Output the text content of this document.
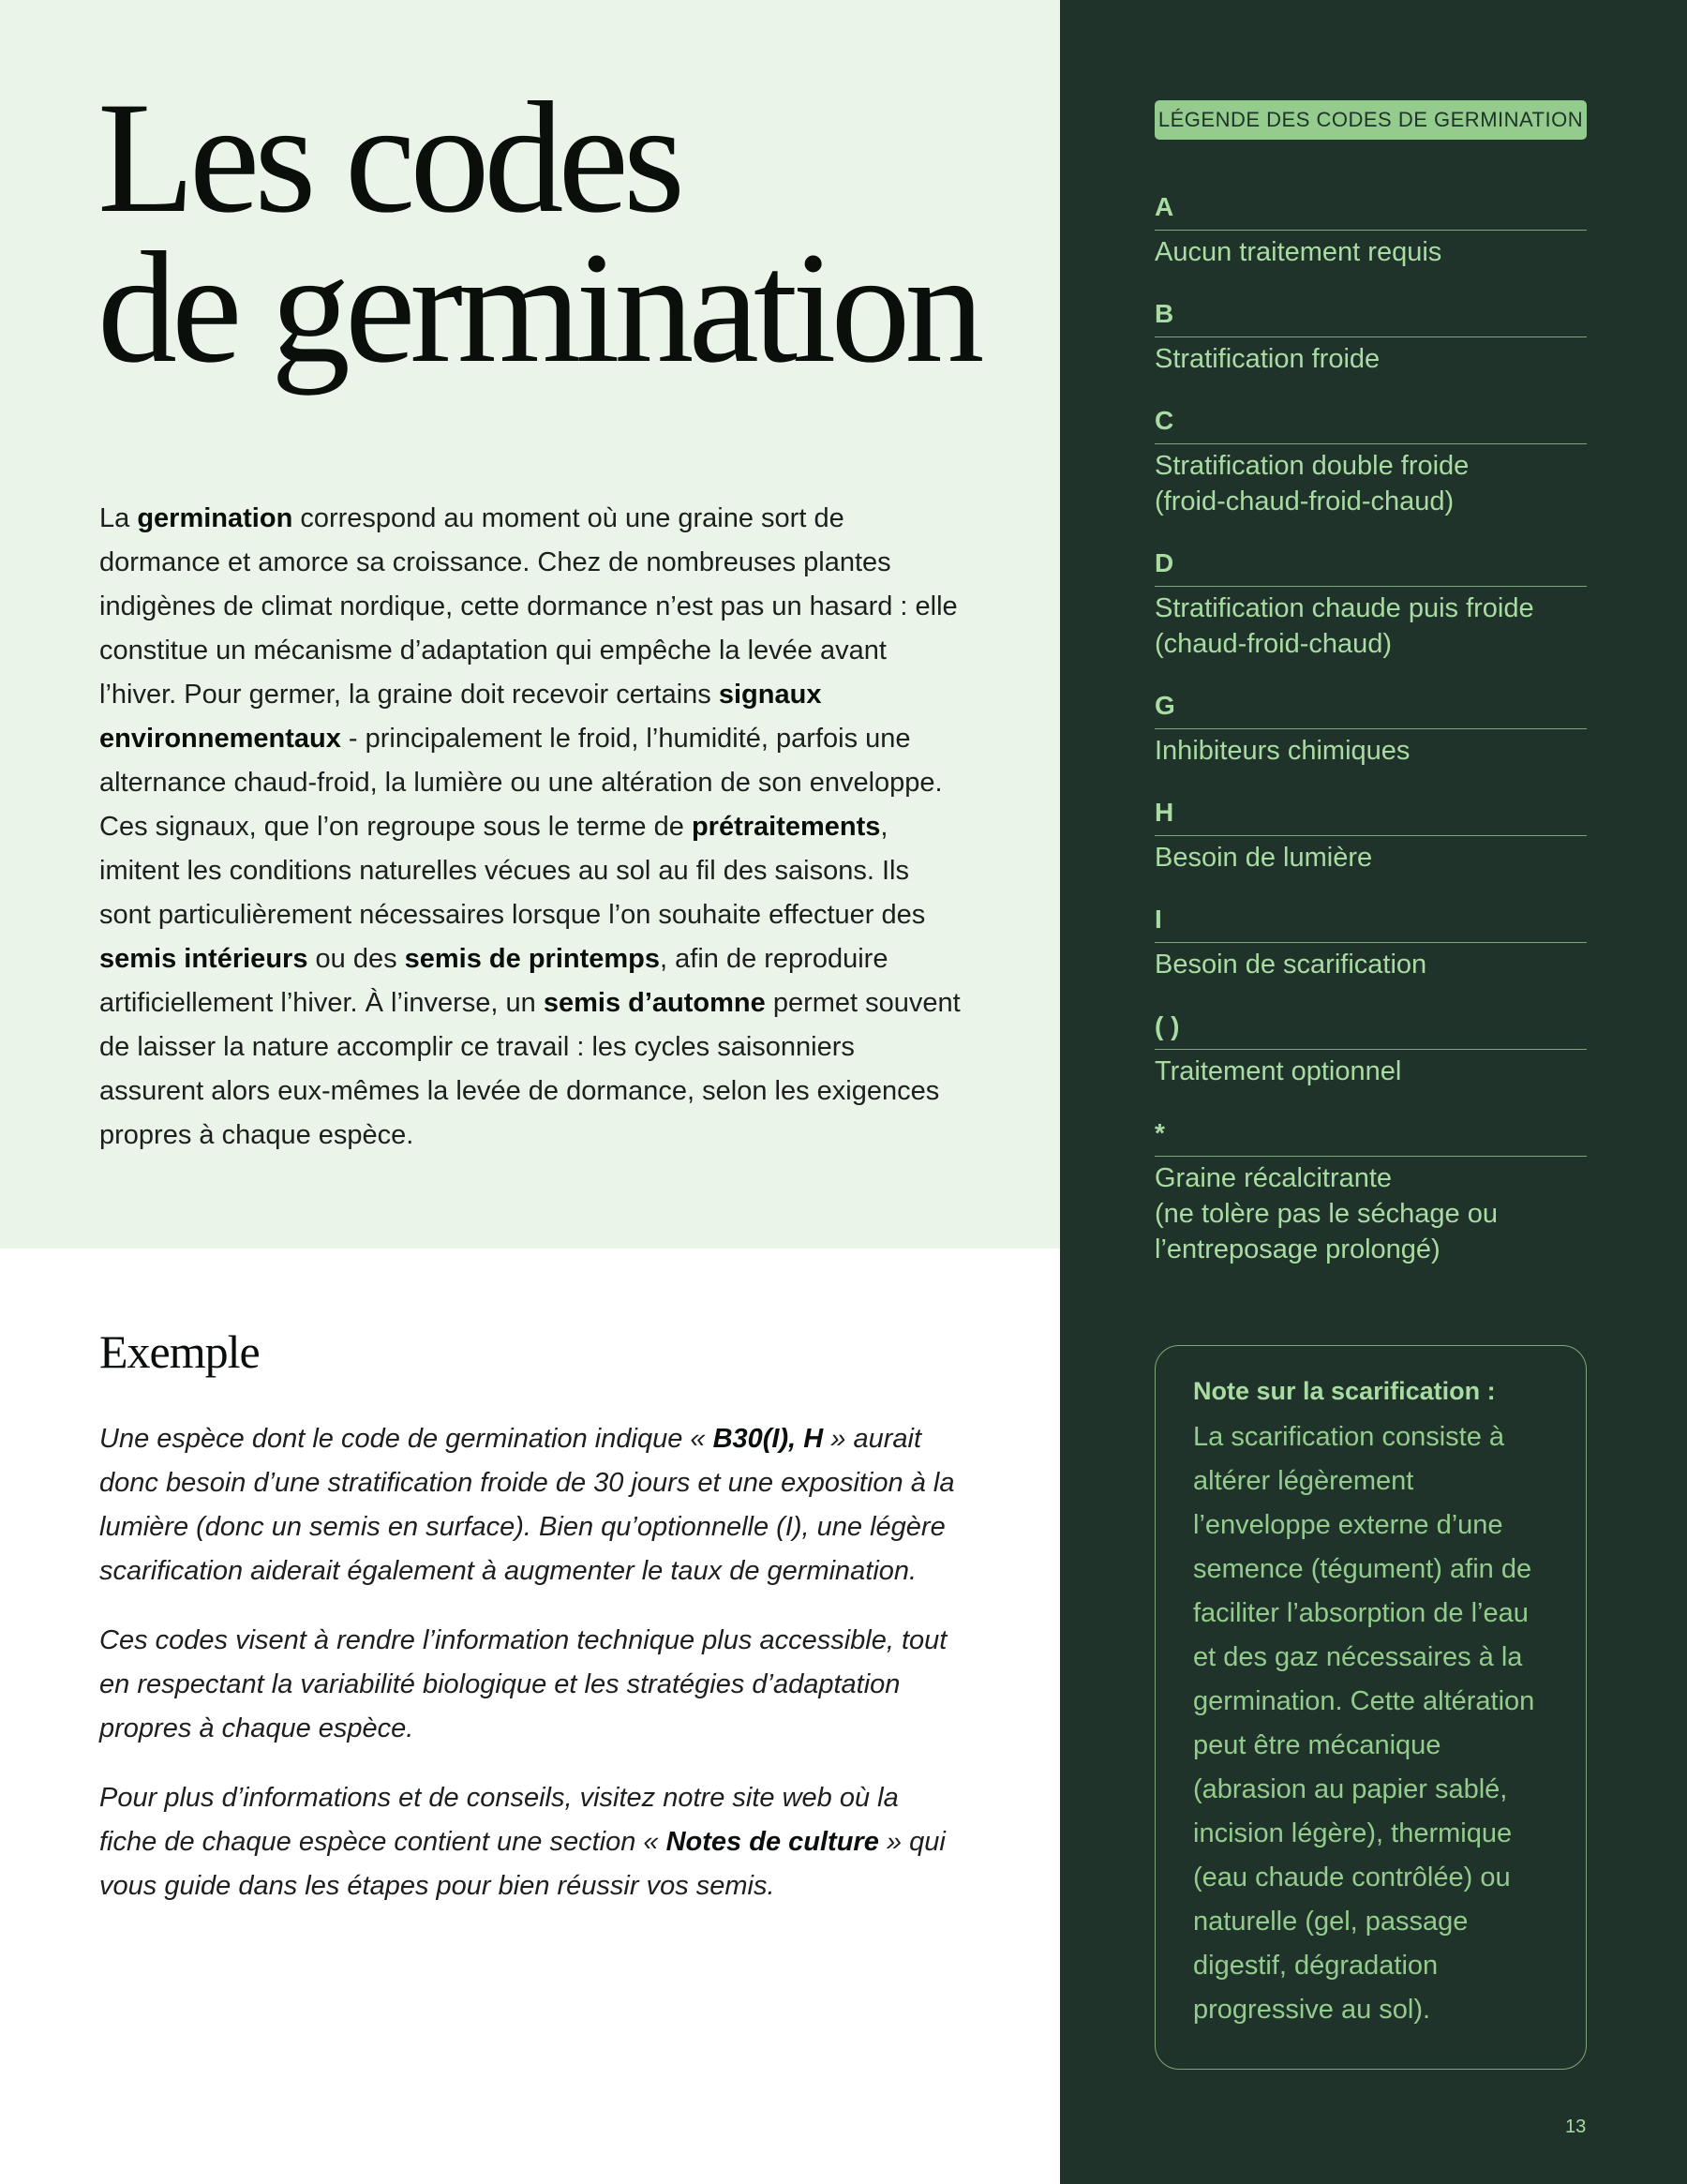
Les codes
de germination

La germination correspond au moment où une graine sort de dormance et amorce sa croissance. Chez de nombreuses plantes indigènes de climat nordique, cette dormance n’est pas un hasard : elle constitue un mécanisme d’adaptation qui empêche la levée avant l’hiver. Pour germer, la graine doit recevoir certains signaux environnementaux - principalement le froid, l’humidité, parfois une alternance chaud-froid, la lumière ou une altération de son enveloppe. Ces signaux, que l’on regroupe sous le terme de prétraitements, imitent les conditions naturelles vécues au sol au fil des saisons. Ils sont particulièrement nécessaires lorsque l’on souhaite effectuer des semis intérieurs ou des semis de printemps, afin de reproduire artificiellement l’hiver. À l’inverse, un semis d’automne permet souvent de laisser la nature accomplir ce travail : les cycles saisonniers assurent alors eux-mêmes la levée de dormance, selon les exigences propres à chaque espèce.

Exemple

Une espèce dont le code de germination indique « B30(I), H » aurait donc besoin d’une stratification froide de 30 jours et une exposition à la lumière (donc un semis en surface). Bien qu’optionnelle (I), une légère scarification aiderait également à augmenter le taux de germination.

Ces codes visent à rendre l’information technique plus accessible, tout en respectant la variabilité biologique et les stratégies d’adaptation propres à chaque espèce.

Pour plus d’informations et de conseils, visitez notre site web où la fiche de chaque espèce contient une section « Notes de culture » qui vous guide dans les étapes pour bien réussir vos semis.

LÉGENDE DES CODES DE GERMINATION
A
Aucun traitement requis
B
Stratification froide
C
Stratification double froide
(froid-chaud-froid-chaud)
D
Stratification chaude puis froide
(chaud-froid-chaud)
G
Inhibiteurs chimiques
H
Besoin de lumière
I
Besoin de scarification
( )
Traitement optionnel
*
Graine récalcitrante
(ne tolère pas le séchage ou
l’entreposage prolongé)

Note sur la scarification :

La scarification consiste à altérer légèrement l’enveloppe externe d’une semence (tégument) afin de faciliter l’absorption de l’eau et des gaz nécessaires à la germination. Cette altération peut être mécanique (abrasion au papier sablé, incision légère), thermique (eau chaude contrôlée) ou naturelle (gel, passage digestif, dégradation progressive au sol).

13
